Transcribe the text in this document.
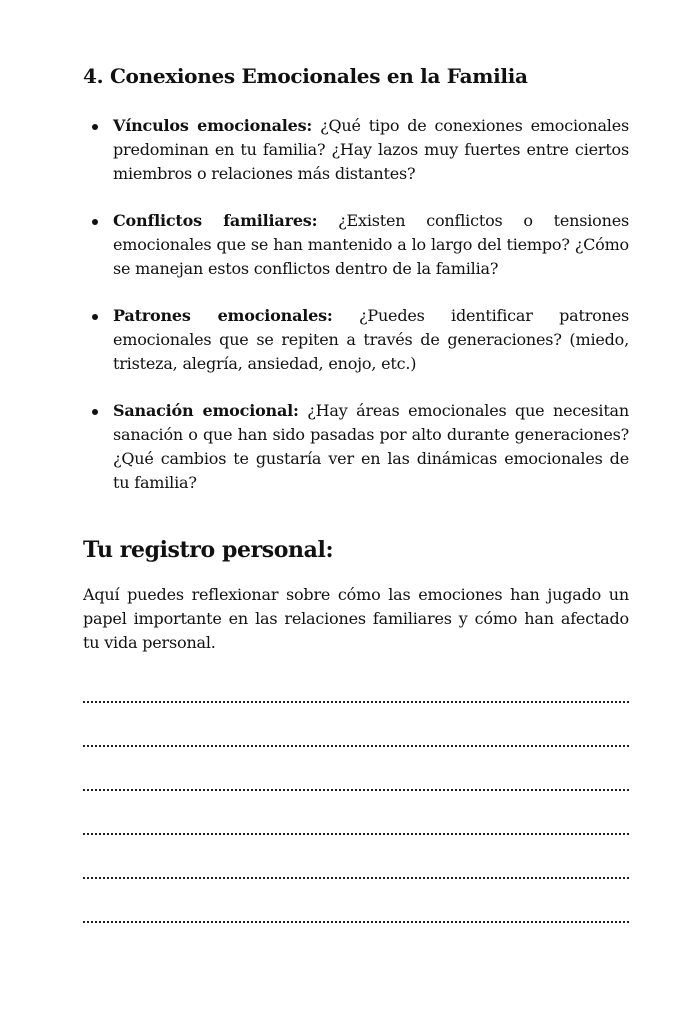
4. Conexiones Emocionales en la Familia
Vínculos emocionales: ¿Qué tipo de conexiones emocionales predominan en tu familia? ¿Hay lazos muy fuertes entre ciertos miembros o relaciones más distantes?
Conflictos familiares: ¿Existen conflictos o tensiones emocionales que se han mantenido a lo largo del tiempo? ¿Cómo se manejan estos conflictos dentro de la familia?
Patrones emocionales: ¿Puedes identificar patrones emocionales que se repiten a través de generaciones? (miedo, tristeza, alegría, ansiedad, enojo, etc.)
Sanación emocional: ¿Hay áreas emocionales que necesitan sanación o que han sido pasadas por alto durante generaciones? ¿Qué cambios te gustaría ver en las dinámicas emocionales de tu familia?
Tu registro personal:

Aquí puedes reflexionar sobre cómo las emociones han jugado un papel importante en las relaciones familiares y cómo han afectado tu vida personal.
